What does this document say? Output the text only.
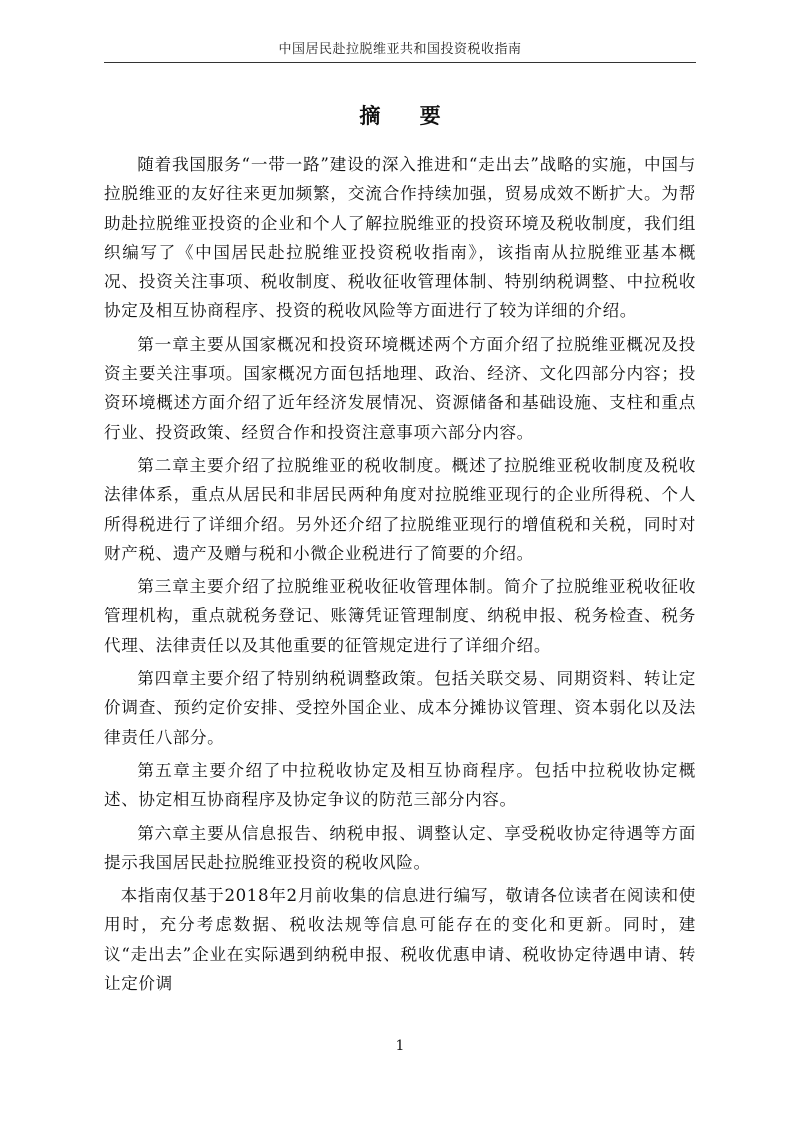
中国居民赴拉脱维亚共和国投资税收指南
摘 要

随着我国服务“一带一路”建设的深入推进和“走出去”战略的实施，中国与拉脱维亚的友好往来更加频繁，交流合作持续加强，贸易成效不断扩大。为帮助赴拉脱维亚投资的企业和个人了解拉脱维亚的投资环境及税收制度，我们组织编写了《中国居民赴拉脱维亚投资税收指南》，该指南从拉脱维亚基本概况、投资关注事项、税收制度、税收征收管理体制、特别纳税调整、中拉税收协定及相互协商程序、投资的税收风险等方面进行了较为详细的介绍。

第一章主要从国家概况和投资环境概述两个方面介绍了拉脱维亚概况及投资主要关注事项。国家概况方面包括地理、政治、经济、文化四部分内容；投资环境概述方面介绍了近年经济发展情况、资源储备和基础设施、支柱和重点行业、投资政策、经贸合作和投资注意事项六部分内容。

第二章主要介绍了拉脱维亚的税收制度。概述了拉脱维亚税收制度及税收法律体系，重点从居民和非居民两种角度对拉脱维亚现行的企业所得税、个人所得税进行了详细介绍。另外还介绍了拉脱维亚现行的增值税和关税，同时对财产税、遗产及赠与税和小微企业税进行了简要的介绍。

第三章主要介绍了拉脱维亚税收征收管理体制。简介了拉脱维亚税收征收管理机构，重点就税务登记、账簿凭证管理制度、纳税申报、税务检查、税务代理、法律责任以及其他重要的征管规定进行了详细介绍。

第四章主要介绍了特别纳税调整政策。包括关联交易、同期资料、转让定价调查、预约定价安排、受控外国企业、成本分摊协议管理、资本弱化以及法律责任八部分。

第五章主要介绍了中拉税收协定及相互协商程序。包括中拉税收协定概述、协定相互协商程序及协定争议的防范三部分内容。

第六章主要从信息报告、纳税申报、调整认定、享受税收协定待遇等方面提示我国居民赴拉脱维亚投资的税收风险。

本指南仅基于2018年2月前收集的信息进行编写，敬请各位读者在阅读和使用时，充分考虑数据、税收法规等信息可能存在的变化和更新。同时，建议“走出去”企业在实际遇到纳税申报、税收优惠申请、税收协定待遇申请、转让定价调

1
